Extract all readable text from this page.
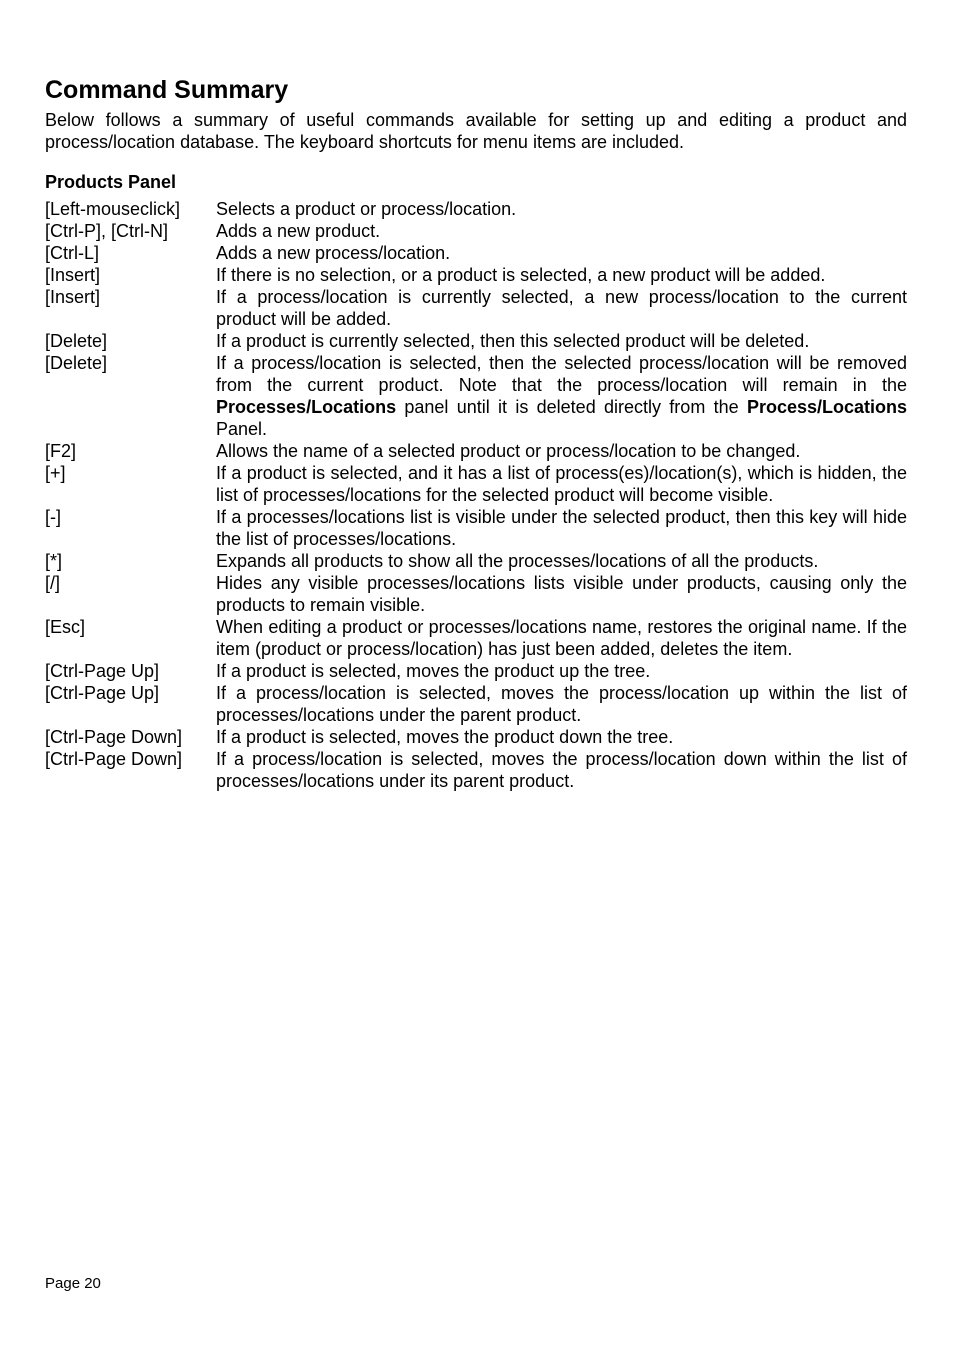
Command Summary

Below follows a summary of useful commands available for setting up and editing a product and process/location database. The keyboard shortcuts for menu items are included.

Products Panel
[Left-mouseclick]	Selects a product or process/location.
[Ctrl-P], [Ctrl-N]	Adds a new product.
[Ctrl-L]	Adds a new process/location.
[Insert]	If there is no selection, or a product is selected, a new product will be added.
[Insert]	If a process/location is currently selected, a new process/location to the current product will be added.
[Delete]	If a product is currently selected, then this selected product will be deleted.
[Delete]	If a process/location is selected, then the selected process/location will be removed from the current product. Note that the process/location will remain in the Processes/Locations panel until it is deleted directly from the Process/Locations Panel.
[F2]	Allows the name of a selected product or process/location to be changed.
[+]	If a product is selected, and it has a list of process(es)/location(s), which is hidden, the list of processes/locations for the selected product will become visible.
[-]	If a processes/locations list is visible under the selected product, then this key will hide the list of processes/locations.
[*]	Expands all products to show all the processes/locations of all the products.
[/]	Hides any visible processes/locations lists visible under products, causing only the products to remain visible.
[Esc]	When editing a product or processes/locations name, restores the original name. If the item (product or process/location) has just been added, deletes the item.
[Ctrl-Page Up]	If a product is selected, moves the product up the tree.
[Ctrl-Page Up]	If a process/location is selected, moves the process/location up within the list of processes/locations under the parent product.
[Ctrl-Page Down]	If a product is selected, moves the product down the tree.
[Ctrl-Page Down]	If a process/location is selected, moves the process/location down within the list of processes/locations under its parent product.
Page 20
